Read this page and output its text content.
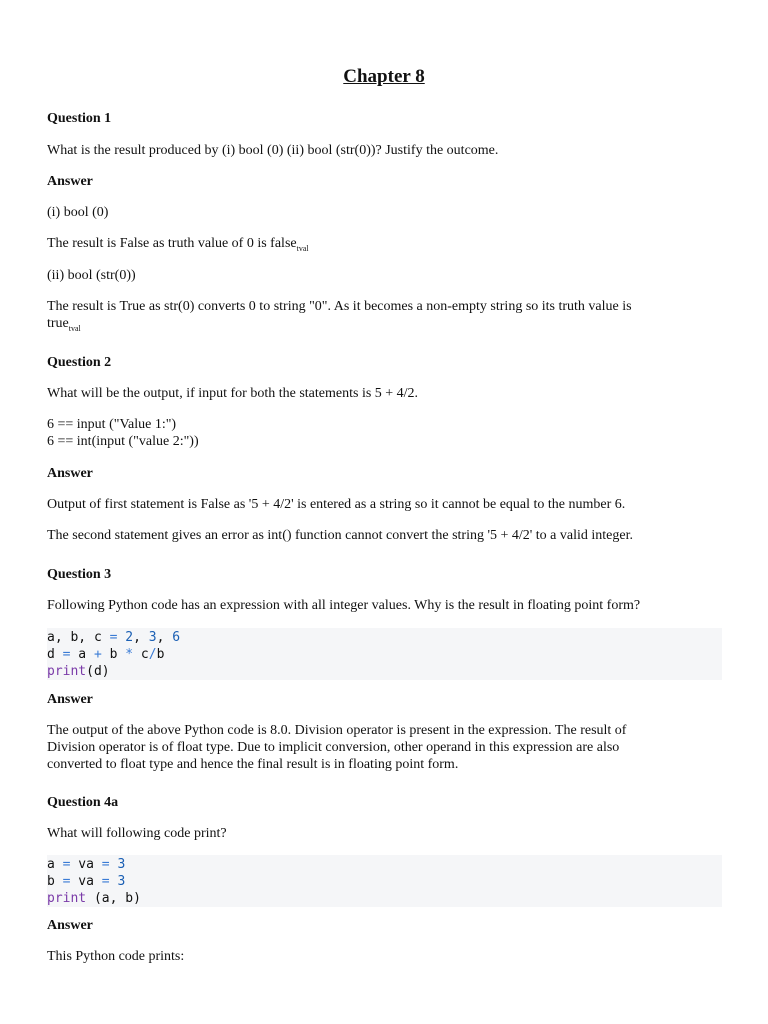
Chapter 8
Question 1
What is the result produced by (i) bool (0) (ii) bool (str(0))? Justify the outcome.
Answer
(i) bool (0)
The result is False as truth value of 0 is false$_{tval}$
(ii) bool (str(0))
The result is True as str(0) converts 0 to string "0". As it becomes a non-empty string so its truth value is
true$_{tval}$
Question 2
What will be the output, if input for both the statements is 5 + 4/2.
6 == input ("Value 1:")
6 == int(input ("value 2:"))
Answer
Output of first statement is False as '5 + 4/2' is entered as a string so it cannot be equal to the number 6.
The second statement gives an error as int() function cannot convert the string '5 + 4/2' to a valid integer.
Question 3
Following Python code has an expression with all integer values. Why is the result in floating point form?
a, b, c = 2, 3, 6
d = a + b * c/b
print(d)
Answer
The output of the above Python code is 8.0. Division operator is present in the expression. The result of
Division operator is of float type. Due to implicit conversion, other operand in this expression are also
converted to float type and hence the final result is in floating point form.
Question 4a
What will following code print?
a = va = 3
b = va = 3
print (a, b)
Answer
This Python code prints:
